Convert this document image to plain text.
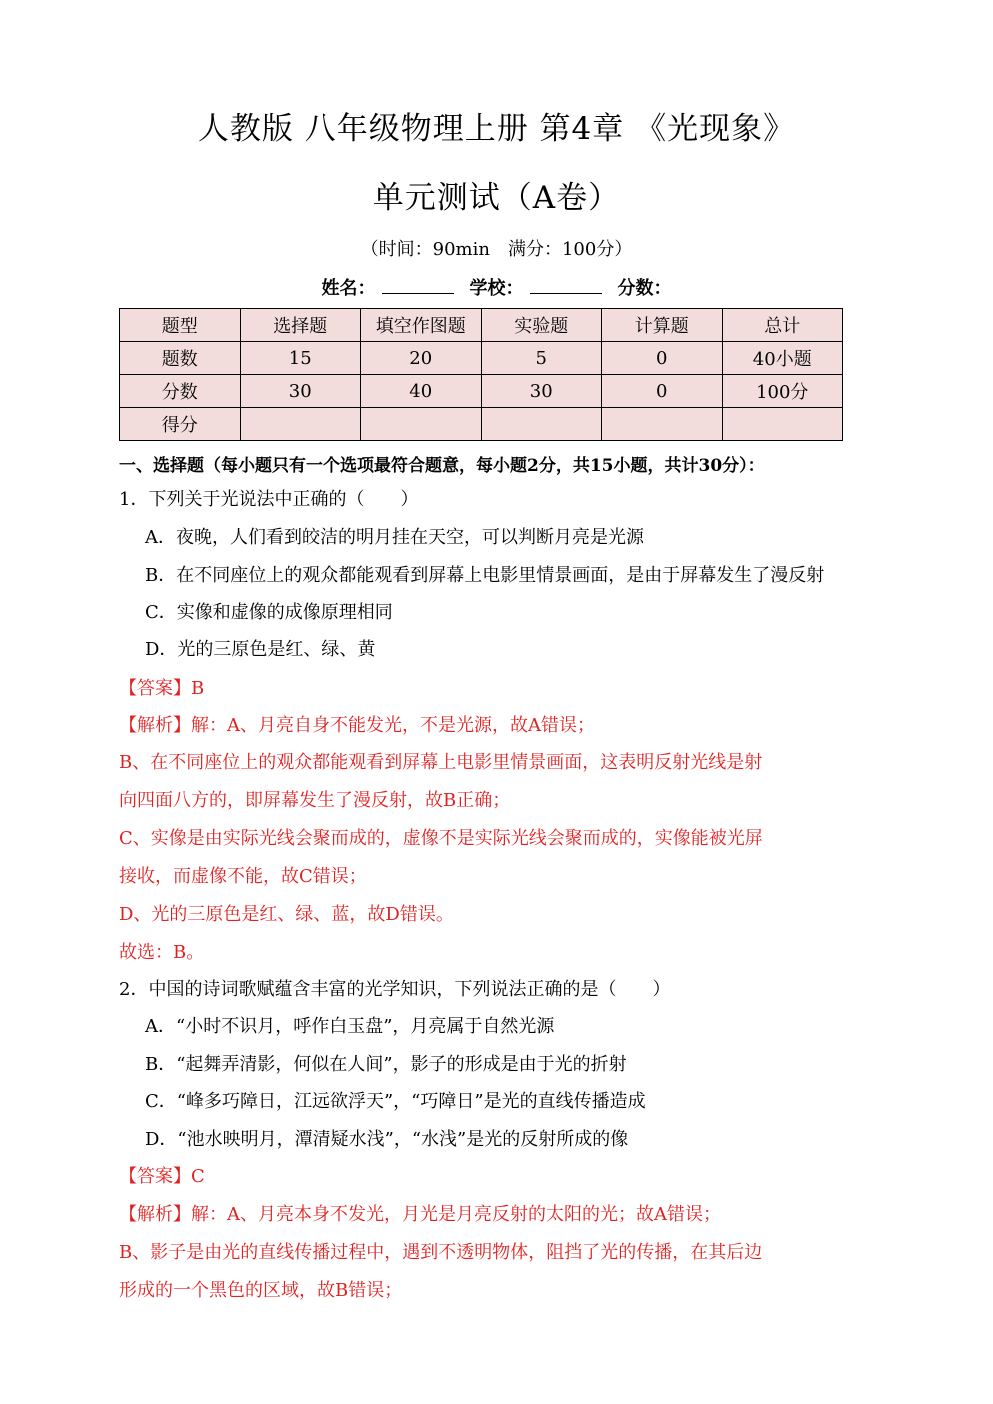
人教版 八年级物理上册 第4章 《光现象》
单元测试（A卷）
（时间：90min　满分：100分）
姓名：	学校：	分数：
题型	选择题	填空作图题	实验题	计算题	总计
题数	15	20	5	0	40小题
分数	30	40	30	0	100分
得分					
一、选择题（每小题只有一个选项最符合题意，每小题2分，共15小题，共计30分）：
1．下列关于光说法中正确的（　　）
A．夜晚，人们看到皎洁的明月挂在天空，可以判断月亮是光源
B．在不同座位上的观众都能观看到屏幕上电影里情景画面，是由于屏幕发生了漫反射
C．实像和虚像的成像原理相同
D．光的三原色是红、绿、黄
【答案】B
【解析】解：A、月亮自身不能发光，不是光源，故A错误；
B、在不同座位上的观众都能观看到屏幕上电影里情景画面，这表明反射光线是射
向四面八方的，即屏幕发生了漫反射，故B正确；
C、实像是由实际光线会聚而成的，虚像不是实际光线会聚而成的，实像能被光屏
接收，而虚像不能，故C错误；
D、光的三原色是红、绿、蓝，故D错误。
故选：B。
2．中国的诗词歌赋蕴含丰富的光学知识，下列说法正确的是（　　）
A．“小时不识月，呼作白玉盘”，月亮属于自然光源
B．“起舞弄清影，何似在人间”，影子的形成是由于光的折射
C．“峰多巧障日，江远欲浮天”，“巧障日”是光的直线传播造成
D．“池水映明月，潭清疑水浅”，“水浅”是光的反射所成的像
【答案】C
【解析】解：A、月亮本身不发光，月光是月亮反射的太阳的光；故A错误；
B、影子是由光的直线传播过程中，遇到不透明物体，阻挡了光的传播，在其后边
形成的一个黑色的区域，故B错误；
